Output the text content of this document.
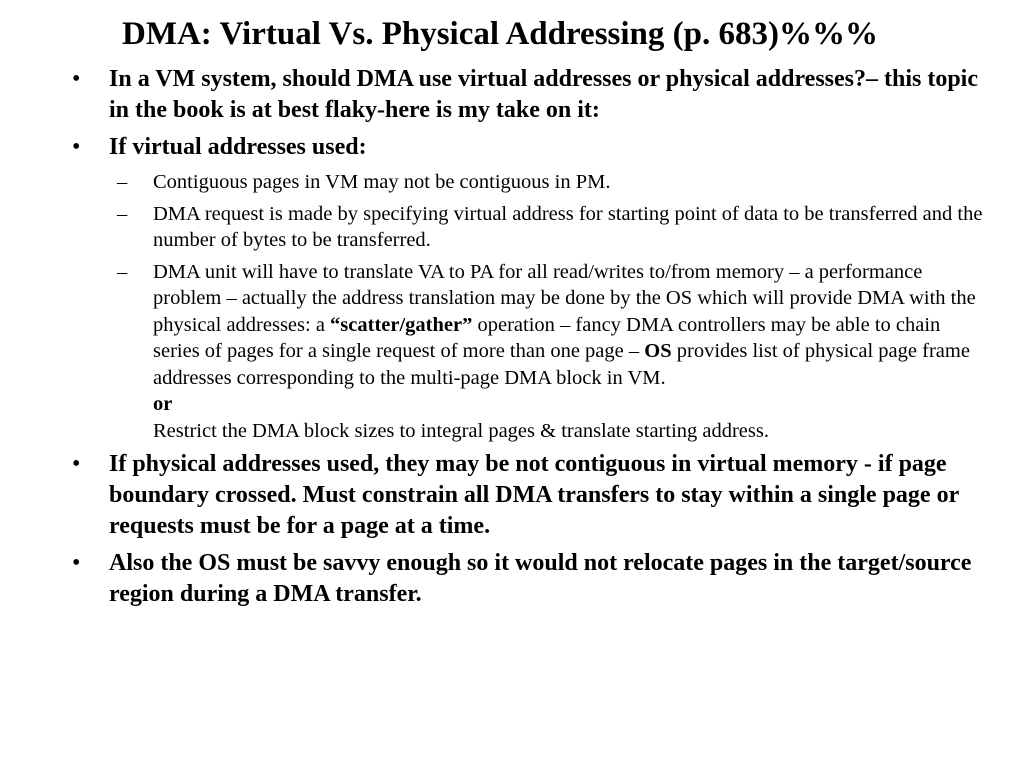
DMA: Virtual Vs. Physical Addressing (p. 683)%%%
• In a VM system, should DMA use virtual addresses or physical addresses?– this topic in the book is at best flaky-here is my take on it:
• If virtual addresses used:
– Contiguous pages in VM may not be contiguous in PM.
– DMA request is made by specifying virtual address for starting point of data to be transferred and the number of bytes to be transferred.
– DMA unit will have to translate VA to PA for all read/writes to/from memory – a performance problem – actually the address translation may be done by the OS which will provide DMA with the physical addresses: a “scatter/gather” operation – fancy DMA controllers may be able to chain series of pages for a single request of more than one page – OS provides list of physical page frame addresses corresponding to the multi-page DMA block in VM.
or
Restrict the DMA block sizes to integral pages & translate starting address.
• If physical addresses used, they may be not contiguous in virtual memory - if page boundary crossed. Must constrain all DMA transfers to stay within a single page or requests must be for a page at a time.
• Also the OS must be savvy enough so it would not relocate pages in the target/source region during a DMA transfer.
